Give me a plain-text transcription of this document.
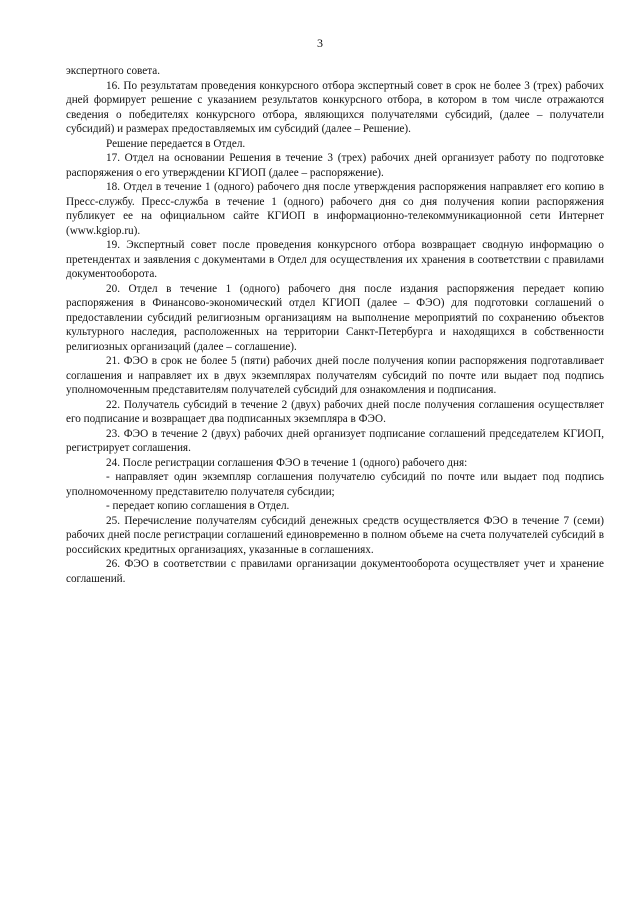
3

экспертного совета.

16. По результатам проведения конкурсного отбора экспертный совет в срок не более 3 (трех) рабочих дней формирует решение с указанием результатов конкурсного отбора, в котором в том числе отражаются сведения о победителях конкурсного отбора, являющихся получателями субсидий, (далее – получатели субсидий) и размерах предоставляемых им субсидий (далее – Решение).

Решение передается в Отдел.

17. Отдел на основании Решения в течение 3 (трех) рабочих дней организует работу по подготовке распоряжения о его утверждении КГИОП (далее – распоряжение).

18. Отдел в течение 1 (одного) рабочего дня после утверждения распоряжения направляет его копию в Пресс-службу. Пресс-служба в течение 1 (одного) рабочего дня со дня получения копии распоряжения публикует ее на официальном сайте КГИОП в информационно-телекоммуникационной сети Интернет (www.kgiop.ru).

19. Экспертный совет после проведения конкурсного отбора возвращает сводную информацию о претендентах и заявления с документами в Отдел для осуществления их хранения в соответствии с правилами документооборота.

20. Отдел в течение 1 (одного) рабочего дня после издания распоряжения передает копию распоряжения в Финансово-экономический отдел КГИОП (далее – ФЭО) для подготовки соглашений о предоставлении субсидий религиозным организациям на выполнение мероприятий по сохранению объектов культурного наследия, расположенных на территории Санкт-Петербурга и находящихся в собственности религиозных организаций (далее – соглашение).

21. ФЭО в срок не более 5 (пяти) рабочих дней после получения копии распоряжения подготавливает соглашения и направляет их в двух экземплярах получателям субсидий по почте или выдает под подпись уполномоченным представителям получателей субсидий для ознакомления и подписания.

22. Получатель субсидий в течение 2 (двух) рабочих дней после получения соглашения осуществляет его подписание и возвращает два подписанных экземпляра в ФЭО.

23. ФЭО в течение 2 (двух) рабочих дней организует подписание соглашений председателем КГИОП, регистрирует соглашения.

24. После регистрации соглашения ФЭО в течение 1 (одного) рабочего дня:

- направляет один экземпляр соглашения получателю субсидий по почте или выдает под подпись уполномоченному представителю получателя субсидии;

- передает копию соглашения в Отдел.

25. Перечисление получателям субсидий денежных средств осуществляется ФЭО в течение 7 (семи) рабочих дней после регистрации соглашений единовременно в полном объеме на счета получателей субсидий в российских кредитных организациях, указанные в соглашениях.

26. ФЭО в соответствии с правилами организации документооборота осуществляет учет и хранение соглашений.
